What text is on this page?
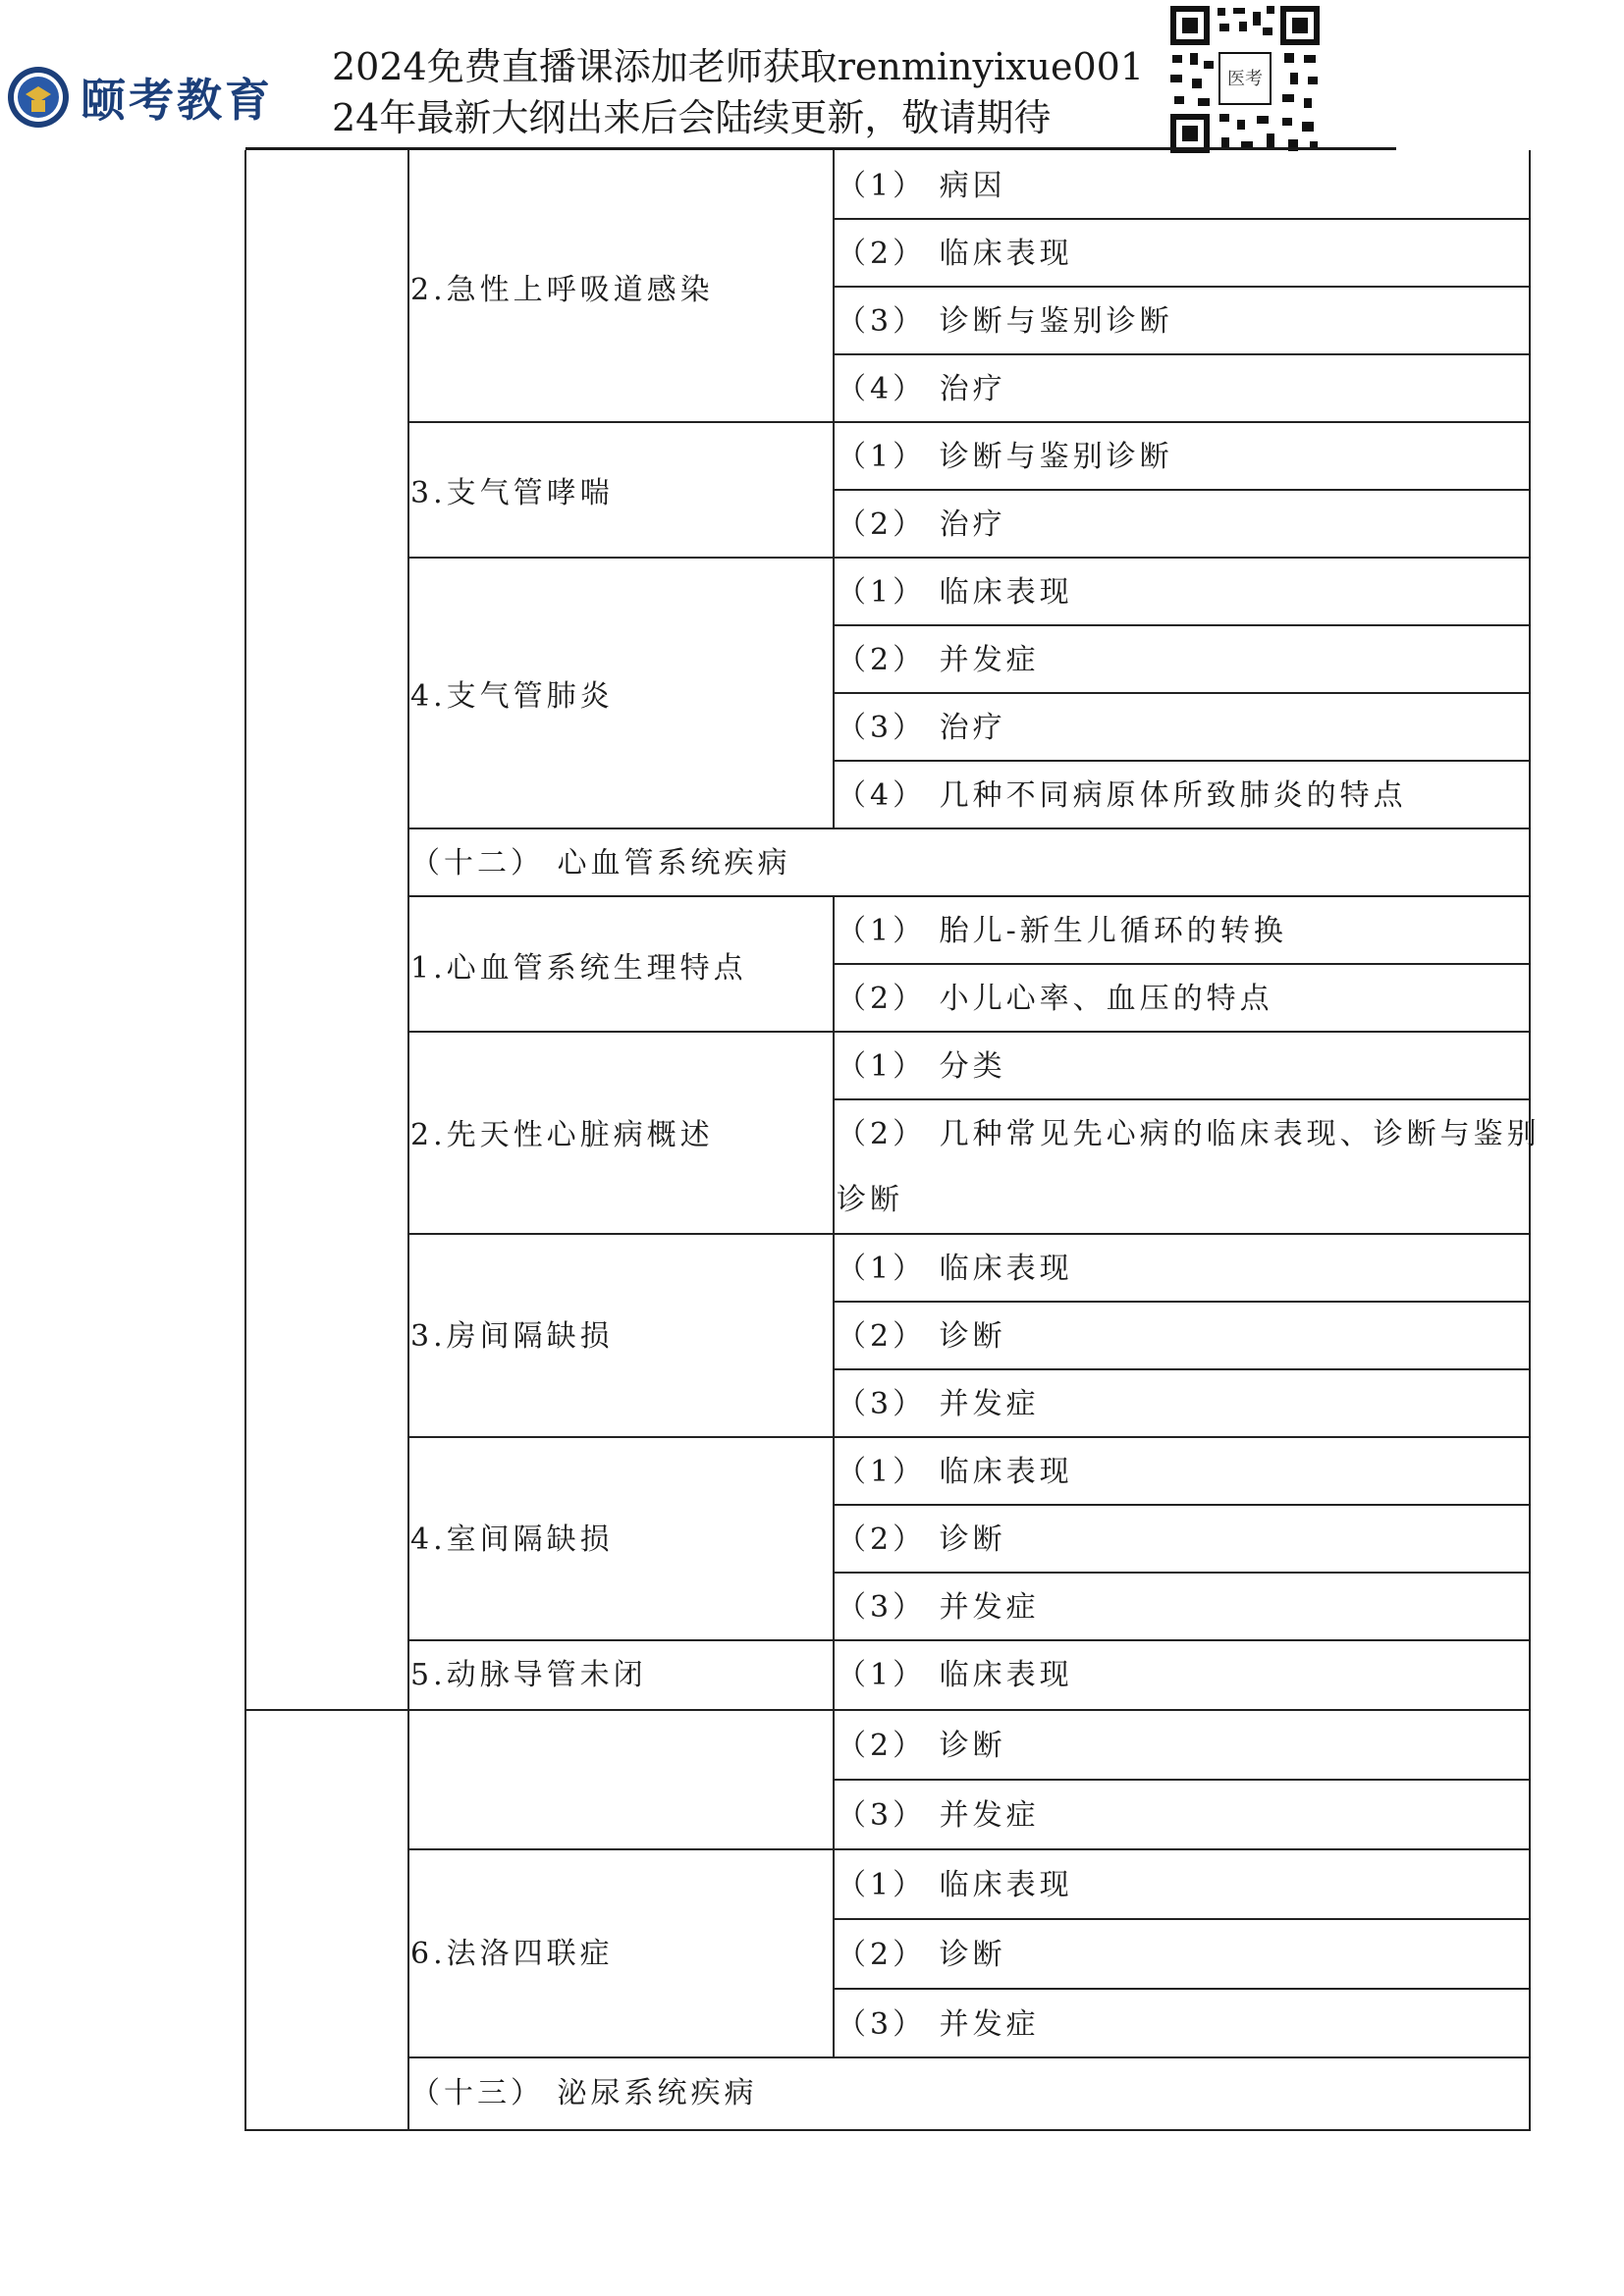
颐考教育
2024免费直播课添加老师获取renminyixue001
24年最新大纲出来后会陆续更新，敬请期待
医考
2.急性上呼吸道感染
（1） 病因
（2） 临床表现
（3） 诊断与鉴别诊断
（4） 治疗
3.支气管哮喘
（1） 诊断与鉴别诊断
（2） 治疗
4.支气管肺炎
（1） 临床表现
（2） 并发症
（3） 治疗
（4） 几种不同病原体所致肺炎的特点
（十二） 心血管系统疾病
1.心血管系统生理特点
（1） 胎儿-新生儿循环的转换
（2） 小儿心率、血压的特点
2.先天性心脏病概述
（1） 分类
（2） 几种常见先心病的临床表现、诊断与鉴别
诊断
3.房间隔缺损
（1） 临床表现
（2） 诊断
（3） 并发症
4.室间隔缺损
（1） 临床表现
（2） 诊断
（3） 并发症
5.动脉导管未闭	（1） 临床表现
（2） 诊断
（3） 并发症
6.法洛四联症
（1） 临床表现
（2） 诊断
（3） 并发症
（十三） 泌尿系统疾病
